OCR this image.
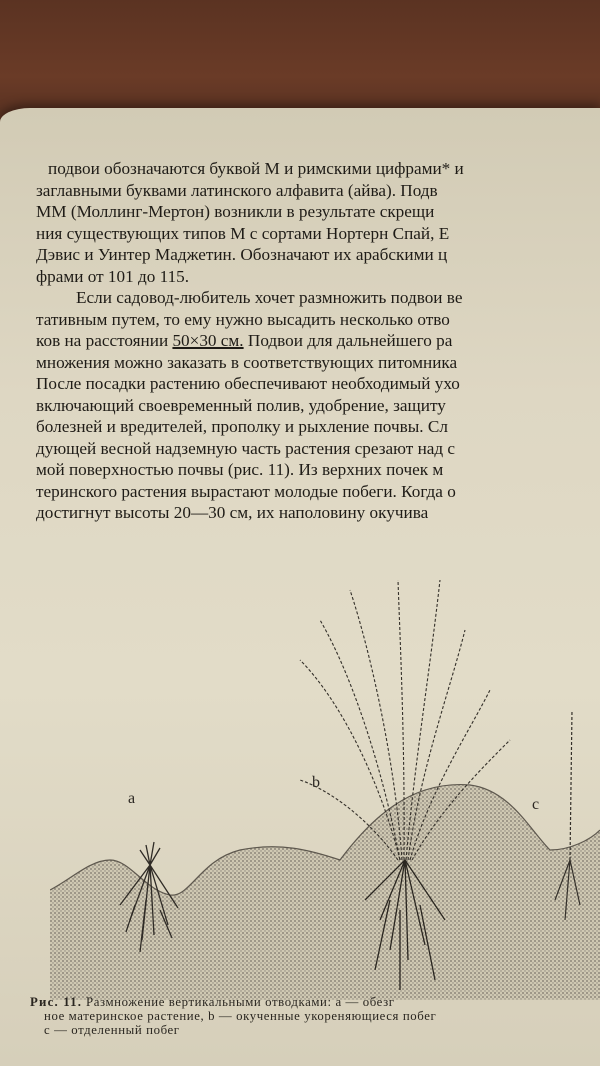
подвои обозначаются буквой М и римскими цифрами* и
заглавными буквами латинского алфавита (айва). Подв
ММ (Моллинг-Мертон) возникли в результате скрещи
ния существующих типов М с сортами Нортерн Спай, Е
Дэвис и Уинтер Маджетин. Обозначают их арабскими ц
фрами от 101 до 115.
Если садовод-любитель хочет размножить подвои ве
тативным путем, то ему нужно высадить несколько отво
ков на расстоянии 50×30 см. Подвои для дальнейшего ра
множения можно заказать в соответствующих питомника
После посадки растению обеспечивают необходимый ухо
включающий своевременный полив, удобрение, защиту
болезней и вредителей, прополку и рыхление почвы. Сл
дующей весной надземную часть растения срезают над с
мой поверхностью почвы (рис. 11). Из верхних почек м
теринского растения вырастают молодые побеги. Когда о
достигнут высоты 20—30 см, их наполовину окучива
a
b
c
Рис. 11. Размножение вертикальными отводками: а — обезг
ное материнское растение, b — окученные укореняющиеся побег
с — отделенный побег
